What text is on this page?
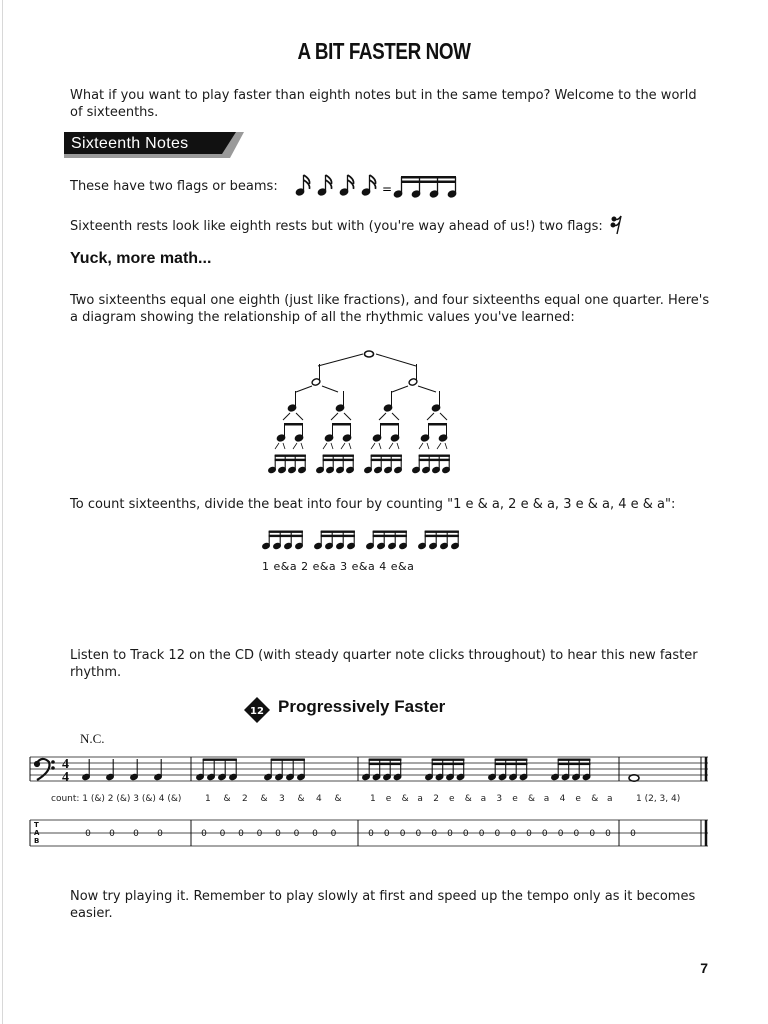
A BIT FASTER NOW
What if you want to play faster than eighth notes but in the same tempo? Welcome to the world of sixteenths.
Sixteenth Notes
These have two flags or beams:	=
Sixteenth rests look like eighth rests but with (you're way ahead of us!) two flags:
Yuck, more math...
Two sixteenths equal one eighth (just like fractions), and four sixteenths equal one quarter. Here's a diagram showing the relationship of all the rhythmic values you've learned:
To count sixteenths, divide the beat into four by counting "1 e & a, 2 e & a, 3 e & a, 4 e & a":
1 e&a 2 e&a 3 e&a 4 e&a
Listen to Track 12 on the CD (with steady quarter note clicks throughout) to hear this new faster rhythm.
12 Progressively Faster
N.C.
4
4
T
A
B
0 0 0 0	0 0 0 0 0 0 0 0	0 0 0 0 0 0 0 0 0 0 0 0 0 0 0 0 0
count: 1 (&) 2 (&) 3 (&) 4 (&)	1 & 2 & 3 & 4 &	1 e & a 2 e & a 3 e & a 4 e & a	1 (2, 3, 4)
Now try playing it. Remember to play slowly at first and speed up the tempo only as it becomes easier.
7
